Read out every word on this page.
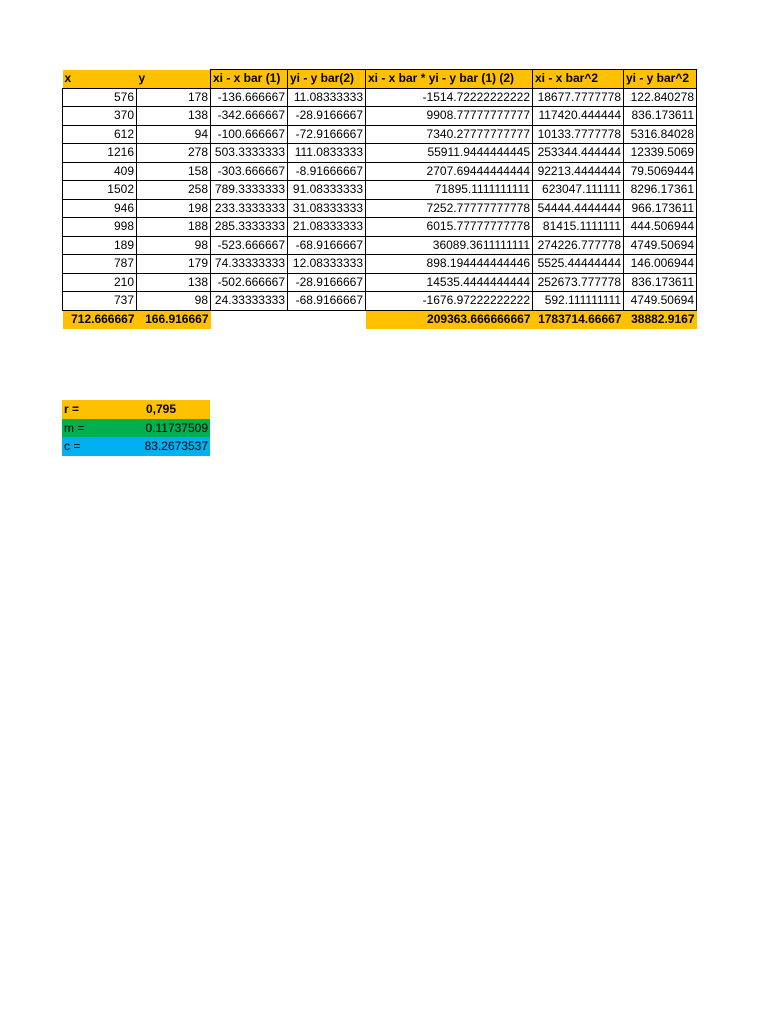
x	y	xi - x bar (1)	yi - y bar(2)	xi - x bar * yi - y bar (1) (2)	xi - x bar^2	yi - y bar^2
576	178	-136.666667	11.08333333	-1514.72222222222	18677.7777778	122.840278
370	138	-342.666667	-28.9166667	9908.77777777777	117420.444444	836.173611
612	94	-100.666667	-72.9166667	7340.27777777777	10133.7777778	5316.84028
1216	278	503.3333333	111.0833333	55911.9444444445	253344.444444	12339.5069
409	158	-303.666667	-8.91666667	2707.69444444444	92213.4444444	79.5069444
1502	258	789.3333333	91.08333333	71895.1111111111	623047.111111	8296.17361
946	198	233.3333333	31.08333333	7252.77777777778	54444.4444444	966.173611
998	188	285.3333333	21.08333333	6015.77777777778	81415.1111111	444.506944
189	98	-523.666667	-68.9166667	36089.3611111111	274226.777778	4749.50694
787	179	74.33333333	12.08333333	898.194444444446	5525.44444444	146.006944
210	138	-502.666667	-28.9166667	14535.4444444444	252673.777778	836.173611
737	98	24.33333333	-68.9166667	-1676.97222222222	592.111111111	4749.50694
712.666667	166.916667			209363.666666667	1783714.66667	38882.9167
r =	0,795
m =	0.11737509
c =	83.2673537
